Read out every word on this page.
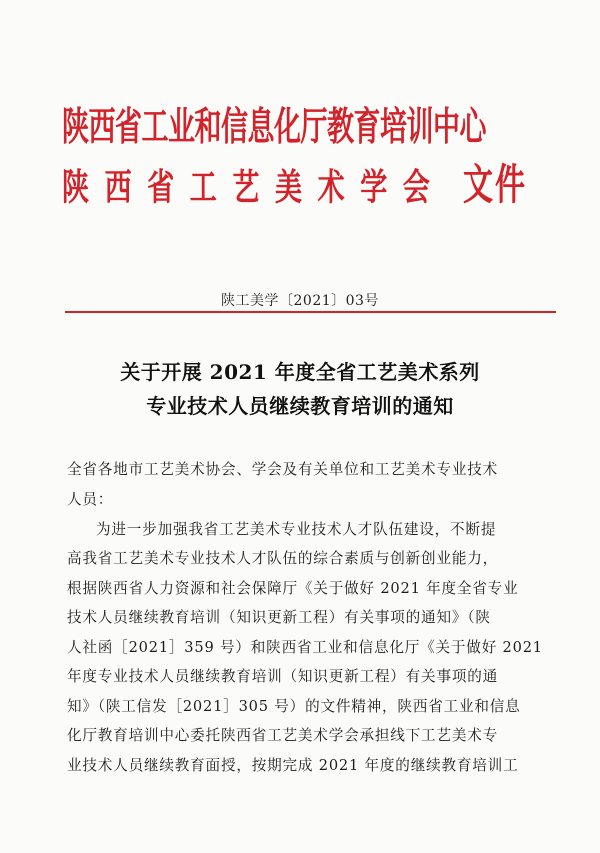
陕西省工业和信息化厅教育培训中心
陕西省工艺美术学会 文件
陕工美学〔2021〕03号
关于开展 2021 年度全省工艺美术系列
专业技术人员继续教育培训的通知
全省各地市工艺美术协会、学会及有关单位和工艺美术专业技术
人员：
为进一步加强我省工艺美术专业技术人才队伍建设，不断提
高我省工艺美术专业技术人才队伍的综合素质与创新创业能力，
根据陕西省人力资源和社会保障厅《关于做好 2021 年度全省专业
技术人员继续教育培训（知识更新工程）有关事项的通知》（陕
人社函［2021］359 号）和陕西省工业和信息化厅《关于做好 2021
年度专业技术人员继续教育培训（知识更新工程）有关事项的通
知》（陕工信发［2021］305 号）的文件精神，陕西省工业和信息
化厅教育培训中心委托陕西省工艺美术学会承担线下工艺美术专
业技术人员继续教育面授，按期完成 2021 年度的继续教育培训工
